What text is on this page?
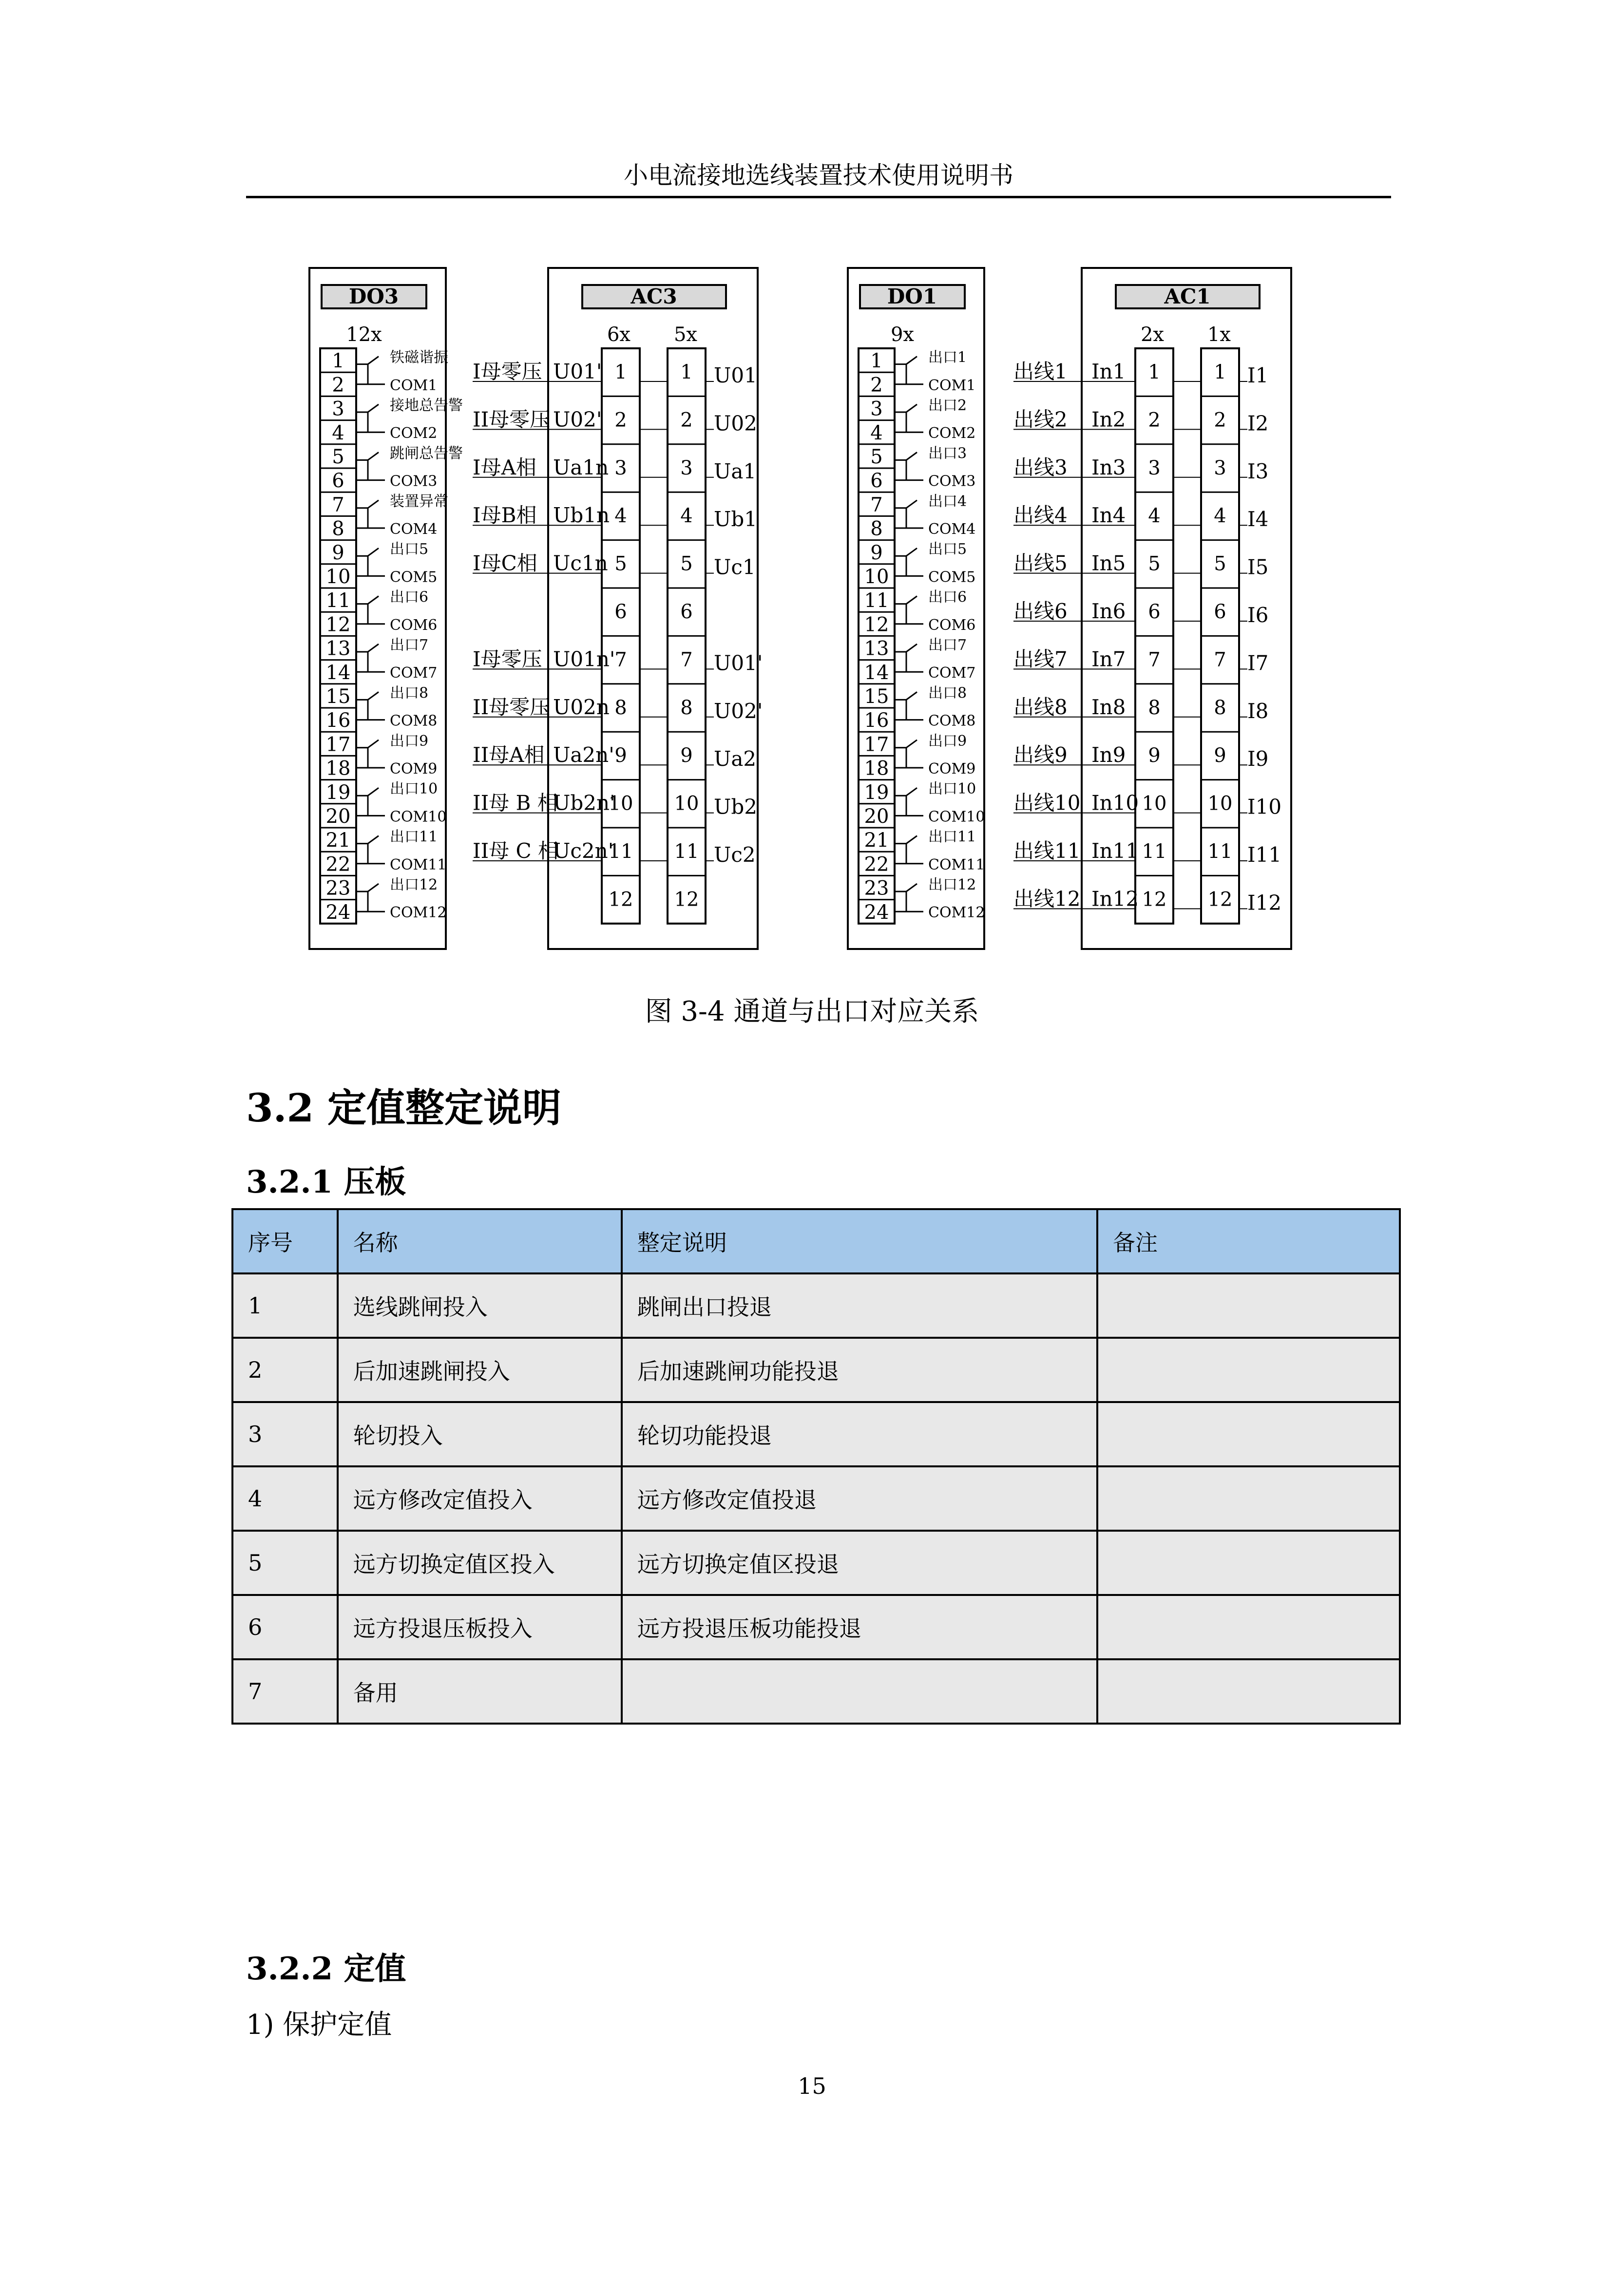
小电流接地选线装置技术使用说明书
DO3
12x
1
2
3
4
5
6
7
8
9
10
11
12
13
14
15
16
17
18
19
20
21
22
23
24
铁磁谐振
COM1
接地总告警
COM2
跳闸总告警
COM3
装置异常
COM4
出口5
COM5
出口6
COM6
出口7
COM7
出口8
COM8
出口9
COM9
出口10
COM10
出口11
COM11
出口12
COM12
AC3
6x 5x
1
2
3
4
5
6
7
8
9
10
11
12
1
2
3
4
5
6
7
8
9
10
11
12
I母零压 U01'	U01
II母零压 U02'	U02
I母A相 Ua1n	Ua1
I母B相 Ub1n	Ub1
I母C相 Uc1n	Uc1
I母零压 U01n'	U01'
II母零压 U02n	U02'
II母A相 Ua2n'	Ua2
II母 B 相
Ub2n'	Ub2
II母 C 相
Uc2n'	Uc2
DO1
9x
1
2
3
4
5
6
7
8
9
10
11
12
13
14
15
16
17
18
19
20
21
22
23
24
出口1
COM1
出口2
COM2
出口3
COM3
出口4
COM4
出口5
COM5
出口6
COM6
出口7
COM7
出口8
COM8
出口9
COM9
出口10
COM10
出口11
COM11
出口12
COM12
AC1
2x 1x
1
2
3
4
5
6
7
8
9
10
11
12
1
2
3
4
5
6
7
8
9
10
11
12
出线1 In1	I1
出线2 In2	I2
出线3 In3	I3
出线4 In4	I4
出线5 In5	I5
出线6 In6	I6
出线7 In7	I7
出线8 In8	I8
出线9 In9	I9
出线10 In10	I10
出线11 In11	I11
出线12 In12	I12
图 3-4 通道与出口对应关系
3.2 定值整定说明
3.2.1 压板
序号	名称	整定说明	备注
1	选线跳闸投入	跳闸出口投退	
2	后加速跳闸投入	后加速跳闸功能投退	
3	轮切投入	轮切功能投退	
4	远方修改定值投入	远方修改定值投退	
5	远方切换定值区投入	远方切换定值区投退	
6	远方投退压板投入	远方投退压板功能投退	
7	备用		
3.2.2 定值
1) 保护定值
15
